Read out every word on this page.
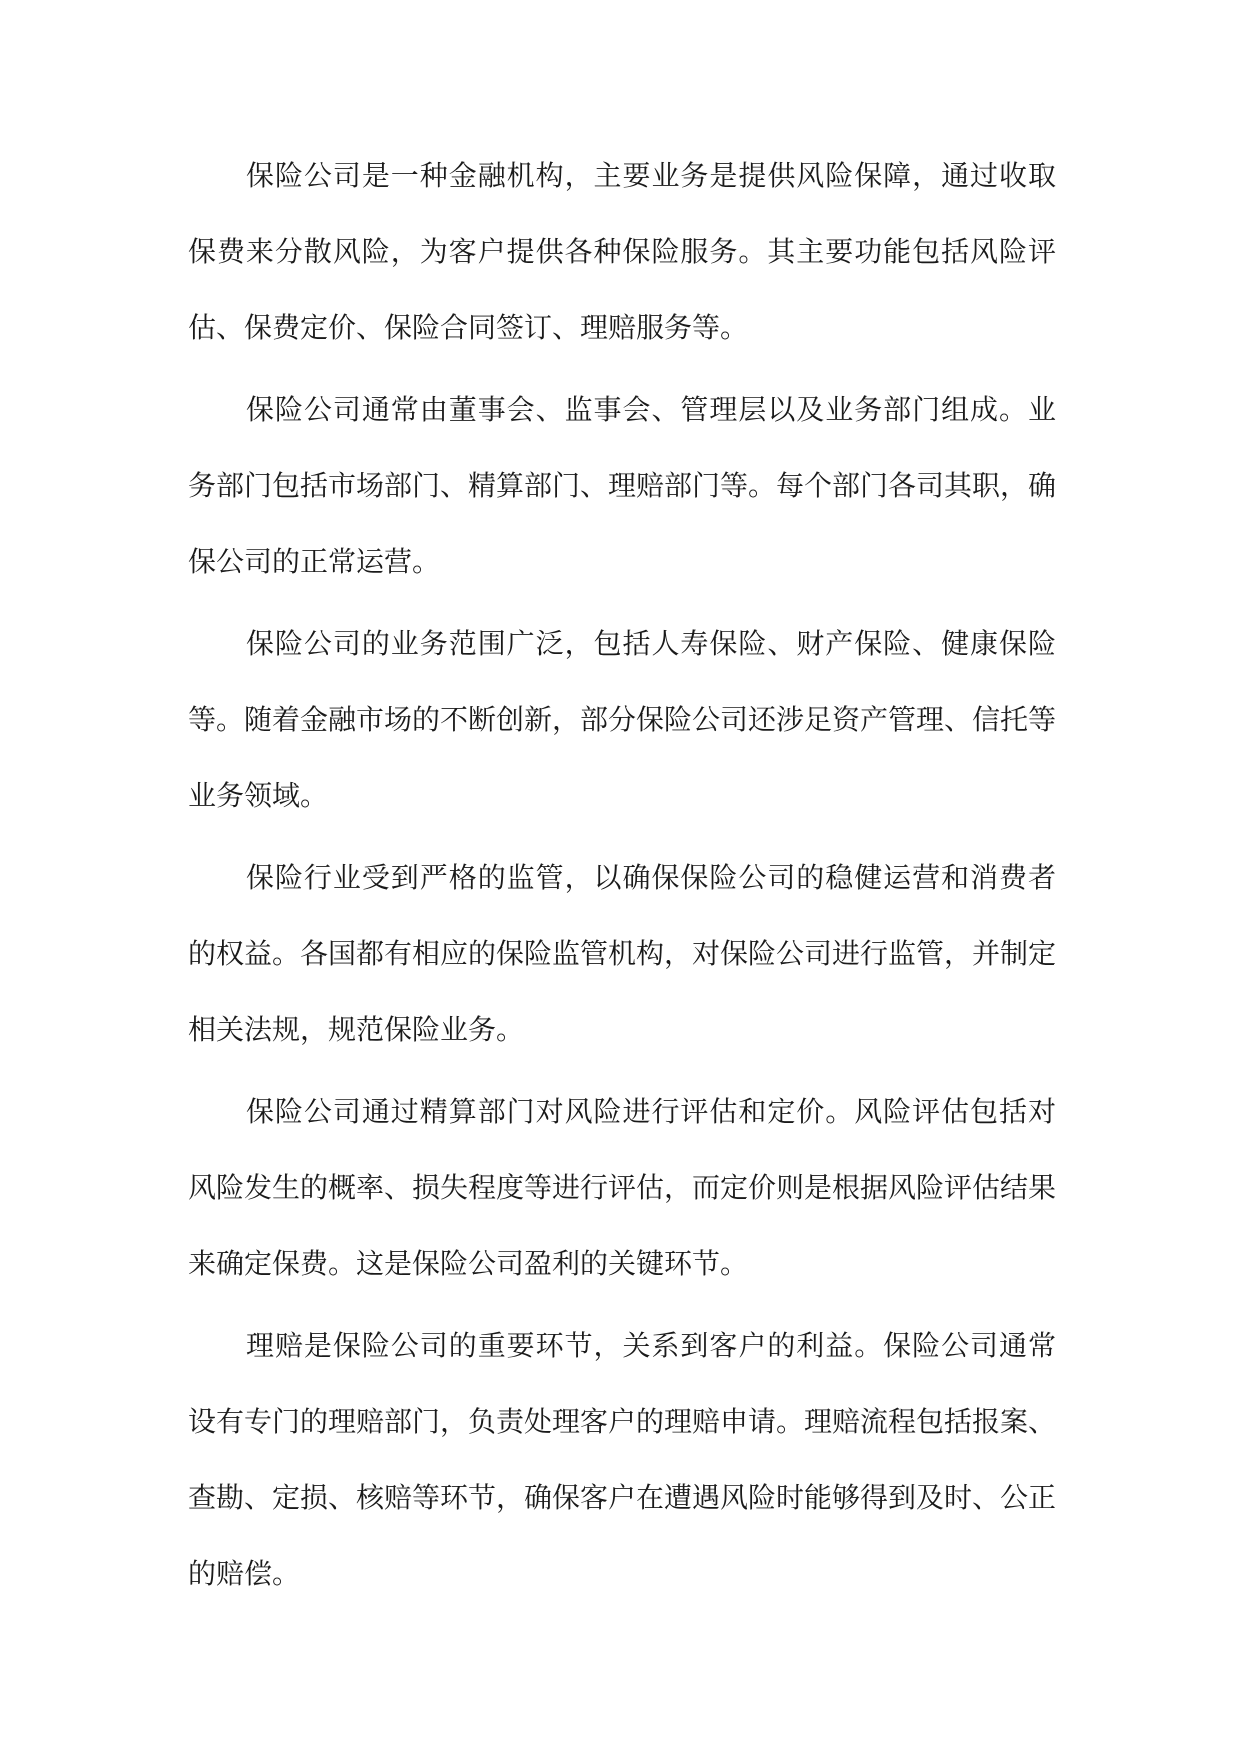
保险公司是一种金融机构，主要业务是提供风险保障，通过收取保费来分散风险，为客户提供各种保险服务。其主要功能包括风险评估、保费定价、保险合同签订、理赔服务等。

保险公司通常由董事会、监事会、管理层以及业务部门组成。业务部门包括市场部门、精算部门、理赔部门等。每个部门各司其职，确保公司的正常运营。

保险公司的业务范围广泛，包括人寿保险、财产保险、健康保险等。随着金融市场的不断创新，部分保险公司还涉足资产管理、信托等业务领域。

保险行业受到严格的监管，以确保保险公司的稳健运营和消费者的权益。各国都有相应的保险监管机构，对保险公司进行监管，并制定相关法规，规范保险业务。

保险公司通过精算部门对风险进行评估和定价。风险评估包括对风险发生的概率、损失程度等进行评估，而定价则是根据风险评估结果来确定保费。这是保险公司盈利的关键环节。

理赔是保险公司的重要环节，关系到客户的利益。保险公司通常设有专门的理赔部门，负责处理客户的理赔申请。理赔流程包括报案、查勘、定损、核赔等环节，确保客户在遭遇风险时能够得到及时、公正的赔偿。
